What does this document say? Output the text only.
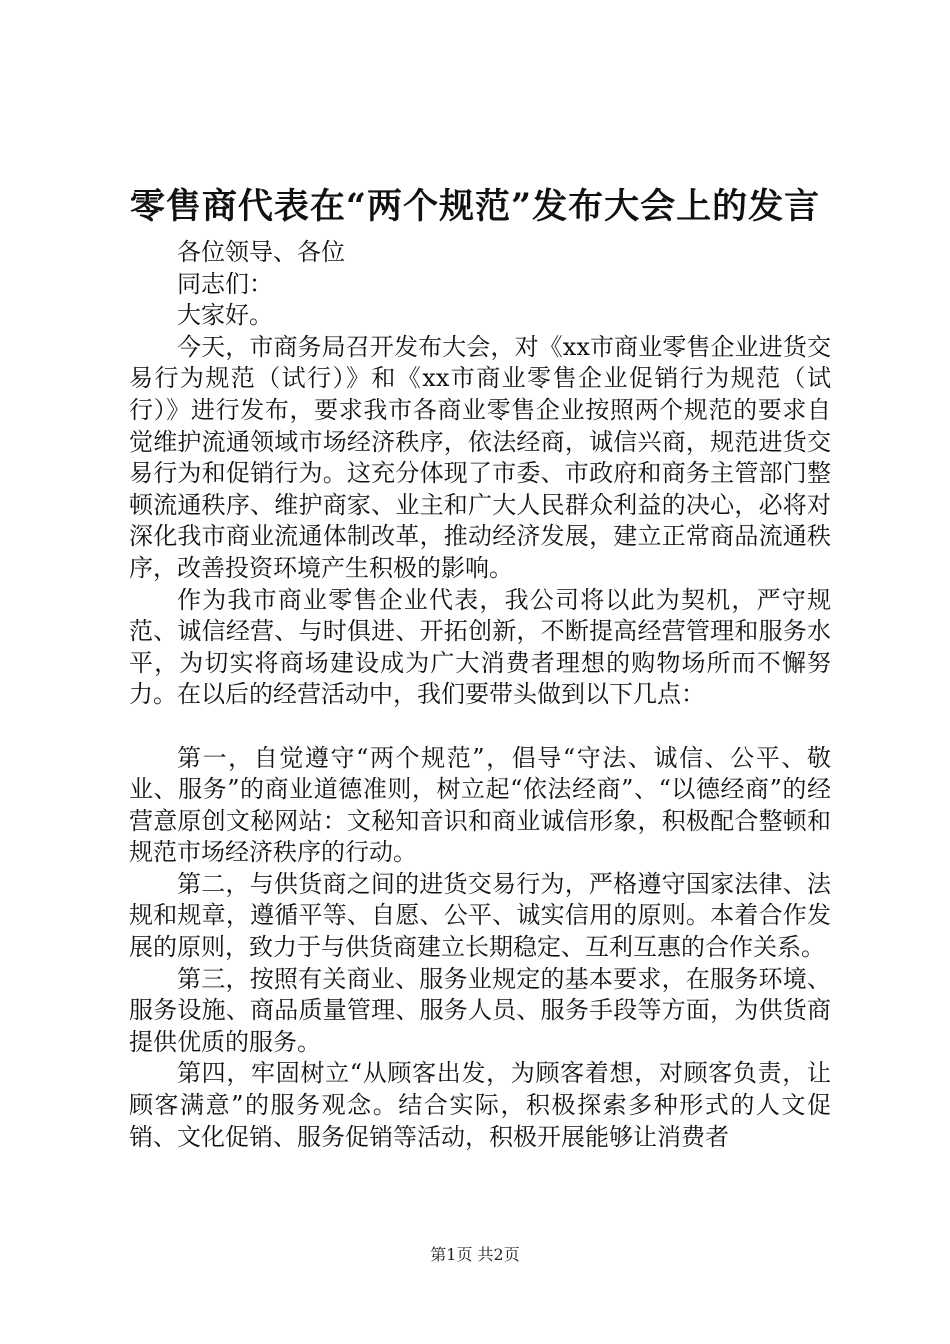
零售商代表在“两个规范”发布大会上的发言

各位领导、各位

同志们：

大家好。

今天，市商务局召开发布大会，对《xx市商业零售企业进货交易行为规范（试行）》和《xx市商业零售企业促销行为规范（试行）》进行发布，要求我市各商业零售企业按照两个规范的要求自觉维护流通领域市场经济秩序，依法经商，诚信兴商，规范进货交易行为和促销行为。这充分体现了市委、市政府和商务主管部门整顿流通秩序、维护商家、业主和广大人民群众利益的决心，必将对深化我市商业流通体制改革，推动经济发展，建立正常商品流通秩序，改善投资环境产生积极的影响。

作为我市商业零售企业代表，我公司将以此为契机，严守规范、诚信经营、与时俱进、开拓创新，不断提高经营管理和服务水平，为切实将商场建设成为广大消费者理想的购物场所而不懈努力。在以后的经营活动中，我们要带头做到以下几点：

第一，自觉遵守“两个规范”，倡导“守法、诚信、公平、敬业、服务”的商业道德准则，树立起“依法经商”、“以德经商”的经营意原创文秘网站：文秘知音识和商业诚信形象，积极配合整顿和规范市场经济秩序的行动。

第二，与供货商之间的进货交易行为，严格遵守国家法律、法规和规章，遵循平等、自愿、公平、诚实信用的原则。本着合作发展的原则，致力于与供货商建立长期稳定、互利互惠的合作关系。

第三，按照有关商业、服务业规定的基本要求，在服务环境、服务设施、商品质量管理、服务人员、服务手段等方面，为供货商提供优质的服务。

第四，牢固树立“从顾客出发，为顾客着想，对顾客负责，让顾客满意”的服务观念。结合实际，积极探索多种形式的人文促销、文化促销、服务促销等活动，积极开展能够让消费者

第1页 共2页
